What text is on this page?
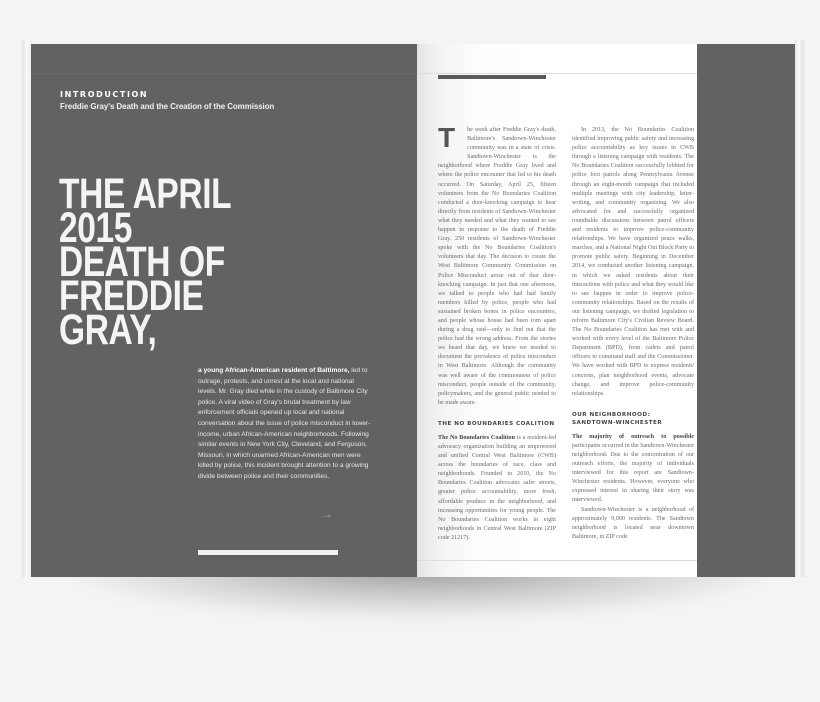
INTRODUCTION
Freddie Gray's Death and the Creation of the Commission
THE APRIL
2015
DEATH OF
FREDDIE
GRAY,
a young African-American resident of Baltimore, led to outrage, protests, and unrest at the local and national levels. Mr. Gray died while in the custody of Baltimore City police. A viral video of Gray's brutal treatment by law enforcement officials opened up local and national conversation about the issue of police misconduct in lower-income, urban African-American neighborhoods. Following similar events in New York City, Cleveland, and Ferguson, Missouri, in which unarmed African-American men were killed by police, this incident brought attention to a growing divide between police and their communities.
→

T he week after Freddie Gray's death, Baltimore's Sandtown-Winchester community was in a state of crisis. Sandtown-Winchester is the neighborhood where Freddie Gray lived and where the police encounter that led to his death occurred. On Saturday, April 25, fifteen volunteers from the No Boundaries Coalition conducted a door-knocking campaign to hear directly from residents of Sandtown-Winchester what they needed and what they wanted to see happen in response to the death of Freddie Gray. 250 residents of Sandtown-Winchester spoke with the No Boundaries Coalition's volunteers that day. The decision to create the West Baltimore Community Commission on Police Misconduct arose out of that door-knocking campaign. In just that one afternoon, we talked to people who had had family members killed by police, people who had sustained broken bones in police encounters, and people whose house had been torn apart during a drug raid—only to find out that the police had the wrong address. From the stories we heard that day, we knew we needed to document the prevalence of police misconduct in West Baltimore. Although the community was well aware of the commonness of police misconduct, people outside of the community, policymakers, and the general public needed to be made aware.

THE NO BOUNDARIES COALITION

The No Boundaries Coalition is a resident-led advocacy organization building an empowered and unified Central West Baltimore (CWB) across the boundaries of race, class and neighborhoods. Founded in 2010, the No Boundaries Coalition advocates safer streets, greater police accountability, more fresh, affordable produce in the neighborhood, and increasing opportunities for young people. The No Boundaries Coalition works in eight neighborhoods in Central West Baltimore (ZIP code 21217).

In 2013, the No Boundaries Coalition identified improving public safety and increasing police accountability as key issues in CWB through a listening campaign with residents. The No Boundaries Coalition successfully lobbied for police foot patrols along Pennsylvania Avenue through an eight-month campaign that included multiple meetings with city leadership, letter-writing, and community organizing. We also advocated for and successfully organized roundtable discussions between patrol officers and residents to improve police-community relationships. We have organized peace walks, marches, and a National Night Out Block Party to promote public safety. Beginning in December 2014, we conducted another listening campaign, in which we asked residents about their interactions with police and what they would like to see happen in order to improve police-community relationships. Based on the results of our listening campaign, we drafted legislation to reform Baltimore City's Civilian Review Board. The No Boundaries Coalition has met with and worked with every level of the Baltimore Police Department (BPD), from cadets and patrol officers to command staff and the Commissioner. We have worked with BPD to express residents' concerns, plan neighborhood events, advocate change, and improve police-community relationships.

OUR NEIGHBORHOOD:
SANDTOWN-WINCHESTER

The majority of outreach to possible participants occurred in the Sandtown-Winchester neighborhood. Due to the concentration of our outreach efforts, the majority of individuals interviewed for this report are Sandtown-Winchester residents. However, everyone who expressed interest in sharing their story was interviewed.

Sandtown-Winchester is a neighborhood of approximately 9,000 residents. The Sandtown neighborhood is located near downtown Baltimore, in ZIP code
